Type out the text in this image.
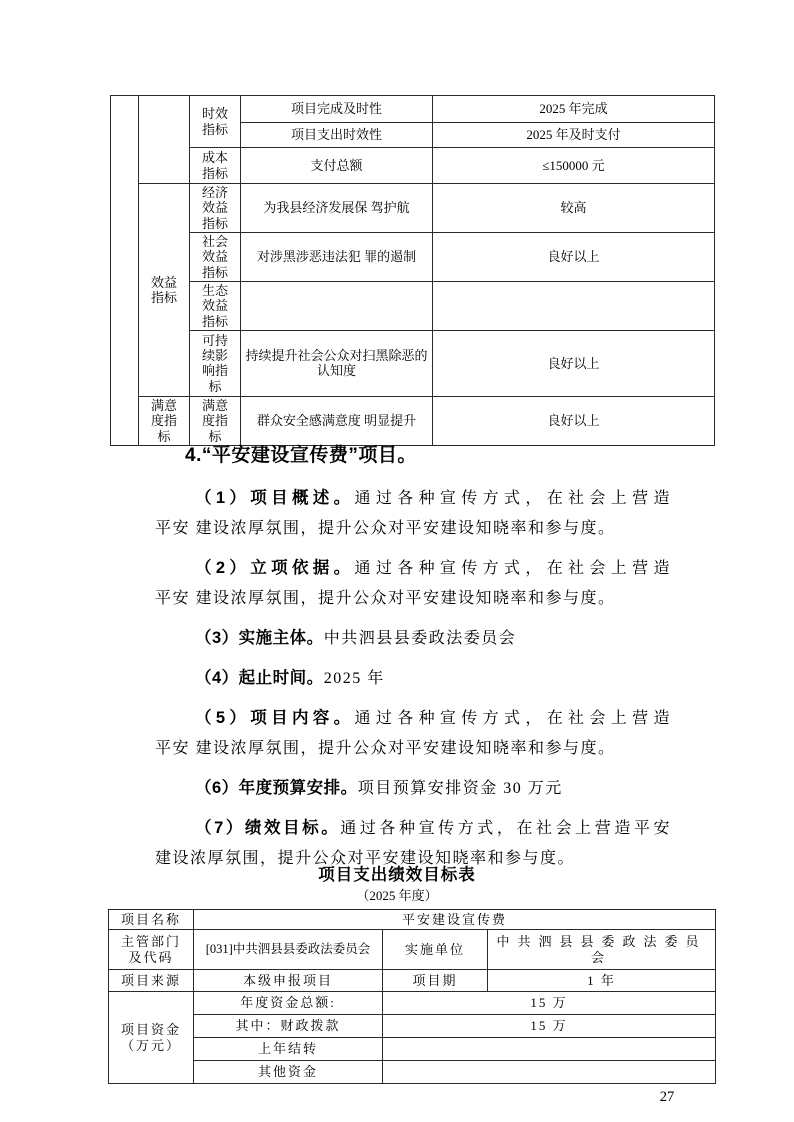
		时效指标	项目完成及时性	2025 年完成
			项目支出时效性	2025 年及时支付
		成本指标	支付总额	≤150000 元
	效益指标	经济效益指标	为我县经济发展保 驾护航	较高
		社会效益指标	对涉黑涉恶违法犯 罪的遏制	良好以上
		生态效益指标		
		可持续影响指标	持续提升社会公众对扫黑除恶的认知度	良好以上
	满意度指标	满意度指标	群众安全感满意度 明显提升	良好以上
4.“平安建设宣传费”项目。
（1）项目概述。通过各种宣传方式，在社会上营造
平安 建设浓厚氛围，提升公众对平安建设知晓率和参与度。
（2）立项依据。通过各种宣传方式，在社会上营造
平安 建设浓厚氛围，提升公众对平安建设知晓率和参与度。
（3）实施主体。中共泗县县委政法委员会
（4）起止时间。2025 年
（5）项目内容。通过各种宣传方式，在社会上营造
平安 建设浓厚氛围，提升公众对平安建设知晓率和参与度。
（6）年度预算安排。项目预算安排资金 30 万元
（7）绩效目标。通过各种宣传方式，在社会上营造平安
建设浓厚氛围，提升公众对平安建设知晓率和参与度。
项目支出绩效目标表
（2025 年度）
项目名称	平安建设宣传费		
主管部门及代码	[031]中共泗县县委政法委员会	实施单位	中共泗县县委政法委员会
项目来源	本级申报项目	项目期	1 年
项目资金（万元）	年度资金总额:	15 万	
	其中：财政拨款	15 万	
	上年结转		
	其他资金		
27
